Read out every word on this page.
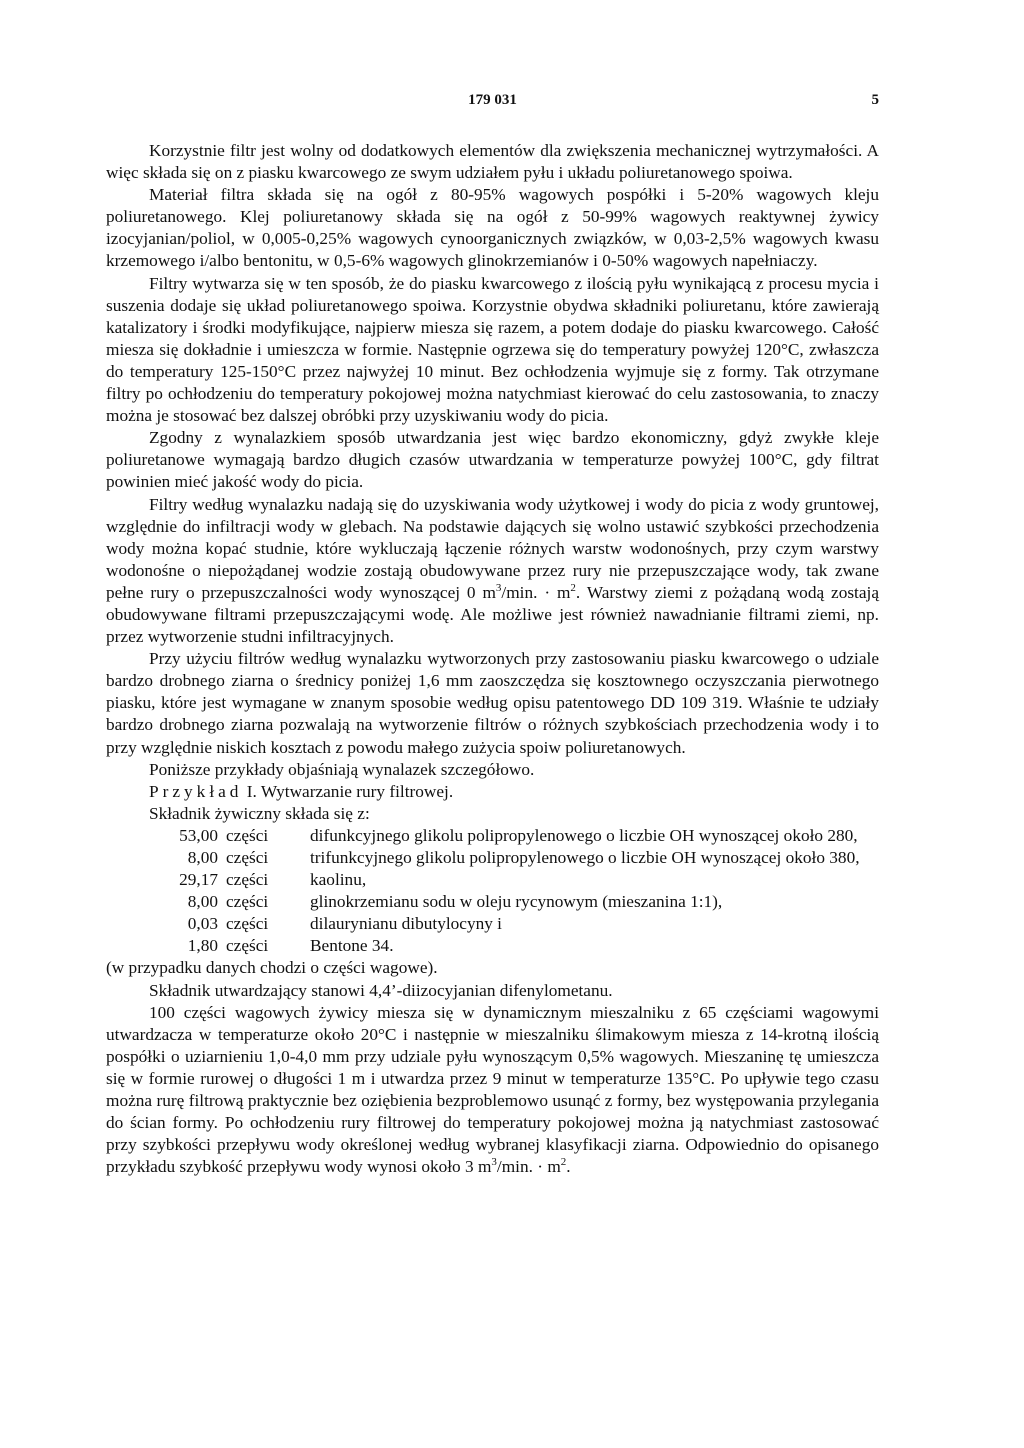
179 031	5

Korzystnie filtr jest wolny od dodatkowych elementów dla zwiększenia mechanicznej wytrzymałości. A więc składa się on z piasku kwarcowego ze swym udziałem pyłu i układu poliuretanowego spoiwa.

Materiał filtra składa się na ogół z 80-95% wagowych pospółki i 5-20% wagowych kleju poliuretanowego. Klej poliuretanowy składa się na ogół z 50-99% wagowych reaktywnej żywicy izocyjanian/poliol, w 0,005-0,25% wagowych cynoorganicznych związków, w 0,03-2,5% wagowych kwasu krzemowego i/albo bentonitu, w 0,5-6% wagowych glinokrzemianów i 0-50% wagowych napełniaczy.

Filtry wytwarza się w ten sposób, że do piasku kwarcowego z ilością pyłu wynikającą z procesu mycia i suszenia dodaje się układ poliuretanowego spoiwa. Korzystnie obydwa składniki poliuretanu, które zawierają katalizatory i środki modyfikujące, najpierw miesza się razem, a potem dodaje do piasku kwarcowego. Całość miesza się dokładnie i umieszcza w formie. Następnie ogrzewa się do temperatury powyżej 120°C, zwłaszcza do temperatury 125-150°C przez najwyżej 10 minut. Bez ochłodzenia wyjmuje się z formy. Tak otrzymane filtry po ochłodzeniu do temperatury pokojowej można natychmiast kierować do celu zastosowania, to znaczy można je stosować bez dalszej obróbki przy uzyskiwaniu wody do picia.

Zgodny z wynalazkiem sposób utwardzania jest więc bardzo ekonomiczny, gdyż zwykłe kleje poliuretanowe wymagają bardzo długich czasów utwardzania w temperaturze powyżej 100°C, gdy filtrat powinien mieć jakość wody do picia.

Filtry według wynalazku nadają się do uzyskiwania wody użytkowej i wody do picia z wody gruntowej, względnie do infiltracji wody w glebach. Na podstawie dających się wolno ustawić szybkości przechodzenia wody można kopać studnie, które wykluczają łączenie różnych warstw wodonośnych, przy czym warstwy wodonośne o niepożądanej wodzie zostają obudowywane przez rury nie przepuszczające wody, tak zwane pełne rury o przepuszczalności wody wynoszącej 0 $m^3/\min$. · $m^2$. Warstwy ziemi z pożądaną wodą zostają obudowywane filtrami przepuszczającymi wodę. Ale możliwe jest również nawadnianie filtrami ziemi, np. przez wytworzenie studni infiltracyjnych.

Przy użyciu filtrów według wynalazku wytworzonych przy zastosowaniu piasku kwarcowego o udziale bardzo drobnego ziarna o średnicy poniżej 1,6 mm zaoszczędza się kosztownego oczyszczania pierwotnego piasku, które jest wymagane w znanym sposobie według opisu patentowego DD 109 319. Właśnie te udziały bardzo drobnego ziarna pozwalają na wytworzenie filtrów o różnych szybkościach przechodzenia wody i to przy względnie niskich kosztach z powodu małego zużycia spoiw poliuretanowych.

Poniższe przykłady objaśniają wynalazek szczegółowo.

Przykład I. Wytwarzanie rury filtrowej.

Składnik żywiczny składa się z:

53,00 części	difunkcyjnego glikolu polipropylenowego o liczbie OH wynoszącej około 280,
8,00 części	trifunkcyjnego glikolu polipropylenowego o liczbie OH wynoszącej około 380,
29,17 części	kaolinu,
8,00 części	glinokrzemianu sodu w oleju rycynowym (mieszanina 1:1),
0,03 części	dilaurynianu dibutylocyny i
1,80 części	Bentone 34.

(w przypadku danych chodzi o części wagowe).

Składnik utwardzający stanowi 4,4’-diizocyjanian difenylometanu.

100 części wagowych żywicy miesza się w dynamicznym mieszalniku z 65 częściami wagowymi utwardzacza w temperaturze około 20°C i następnie w mieszalniku ślimakowym miesza z 14-krotną ilością pospółki o uziarnieniu 1,0-4,0 mm przy udziale pyłu wynoszącym 0,5% wagowych. Mieszaninę tę umieszcza się w formie rurowej o długości 1 m i utwardza przez 9 minut w temperaturze 135°C. Po upływie tego czasu można rurę filtrową praktycznie bez oziębienia bezproblemowo usunąć z formy, bez występowania przylegania do ścian formy. Po ochłodzeniu rury filtrowej do temperatury pokojowej można ją natychmiast zastosować przy szybkości przepływu wody określonej według wybranej klasyfikacji ziarna. Odpowiednio do opisanego przykładu szybkość przepływu wody wynosi około 3 $m^3/\min$. · $m^2$.
